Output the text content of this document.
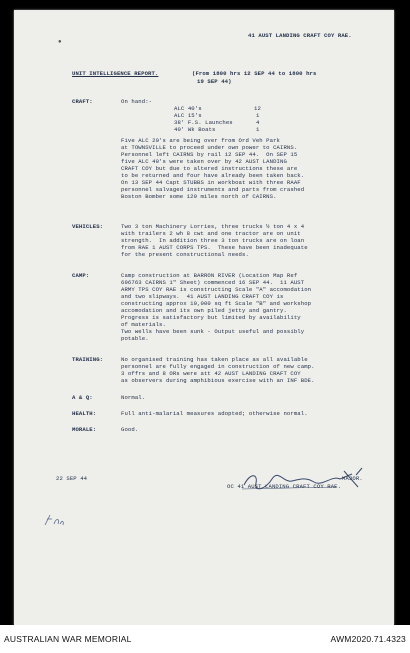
●
41 AUST LANDING CRAFT COY RAE.
UNIT INTELLIGENCE REPORT.	(From 1800 hrs 12 SEP 44 to 1800 hrs
19 SEP 44)
CRAFT:	On hand:-
ALC 40's	12
ALC 15's	1
38' F.S. Launches	4
40' Wk Boats	1
Five ALC 20's are being over from Ord Veh Park
at TOWNSVILLE to proceed under own power to CAIRNS.
Personnel left CAIRNS by rail 12 SEP 44.  On SEP 15
five ALC 40's were taken over by 42 AUST LANDING
CRAFT COY but due to altered instructions these are
to be returned and four have already been taken back.
On 13 SEP 44 Capt STUBBS in workboat with three RAAF
personnel salvaged instruments and parts from crashed
Boston Bomber some 120 miles north of CAIRNS.
VEHICLES:	Two 3 ton Machinery Lorries, three trucks ½ ton 4 x 4
with trailers 2 wh 8 cwt and one tractor are on unit
strength.  In addition three 3 ton trucks are on loan
from RAE 1 AUST CORPS TPS.  These have been inadequate
for the present constructional needs.
CAMP:	Camp construction at BARRON RIVER (Location Map Ref
696763 CAIRNS 1" Sheet) commenced 16 SEP 44.  11 AUST
ARMY TPS COY RAE is constructing Scale "A" accomodation
and two slipways.  41 AUST LANDING CRAFT COY is
constructing approx 10,000 sq ft Scale "B" and workshop
accomodation and its own piled jetty and gantry.
Progress is satisfactory but limited by availability
of materials.
Two wells have been sunk - Output useful and possibly
potable.
TRAINING:	No organised training has taken place as all available
personnel are fully engaged in construction of new camp.
3 offrs and 8 ORs were att 42 AUST LANDING CRAFT COY
as observers during amphibious exercise with an INF BDE.
A & Q:	Normal.
HEALTH:	Full anti-malarial measures adopted; otherwise normal.
MORALE:	Good.
22 SEP 44	MAJOR.
OC 41 AUST LANDING CRAFT COY RAE.
AUSTRALIAN WAR MEMORIAL	AWM2020.71.4323
